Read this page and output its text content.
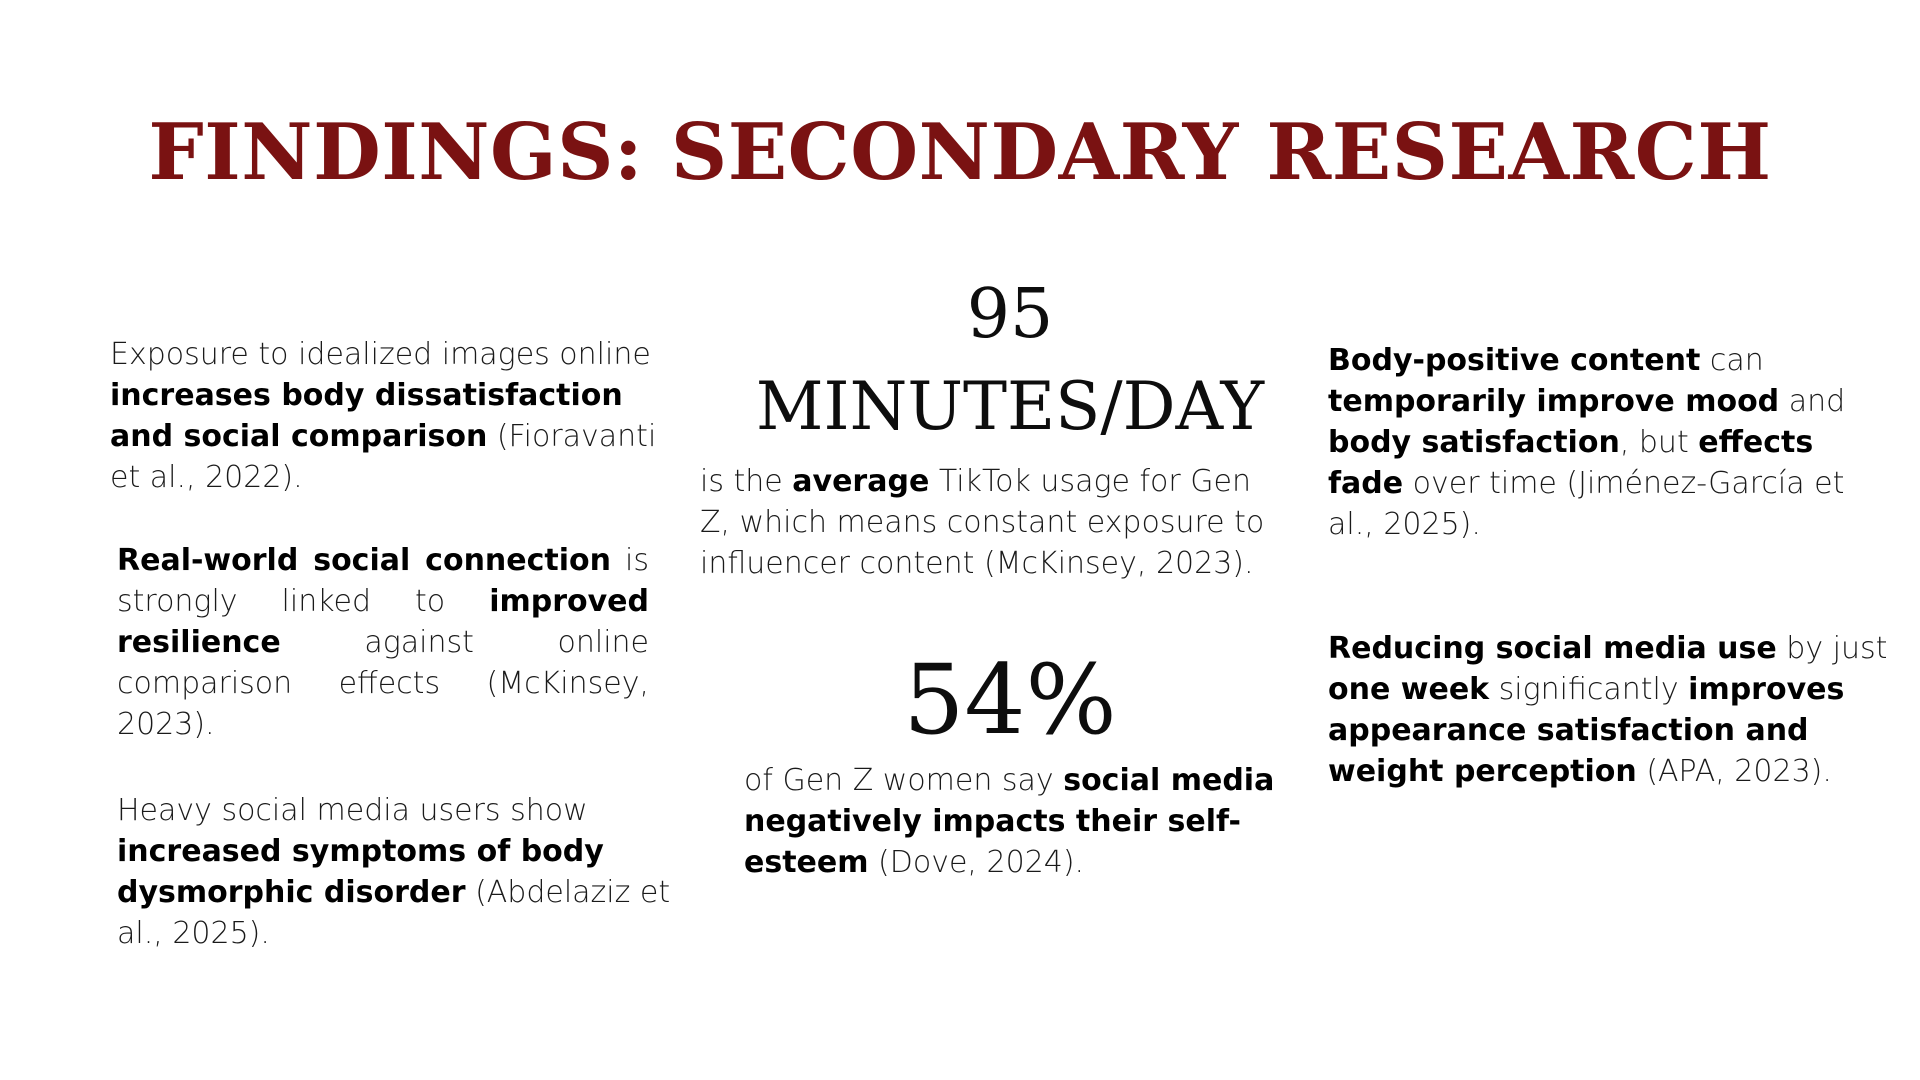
FINDINGS: SECONDARY RESEARCH
Exposure to idealized images online increases body dissatisfaction and social comparison (Fioravanti et al., 2022).
Real-world social connection is strongly linked to improved resilience against online comparison effects (McKinsey, 2023).
Heavy social media users show increased symptoms of body dysmorphic disorder (Abdelaziz et al., 2025).
95
MINUTES/DAY
is the average TikTok usage for Gen Z, which means constant exposure to influencer content (McKinsey, 2023).
54%
of Gen Z women say social media negatively impacts their self-esteem (Dove, 2024).
Body-positive content can temporarily improve mood and body satisfaction, but effects fade over time (Jiménez-García et al., 2025).
Reducing social media use by just one week significantly improves appearance satisfaction and weight perception (APA, 2023).
